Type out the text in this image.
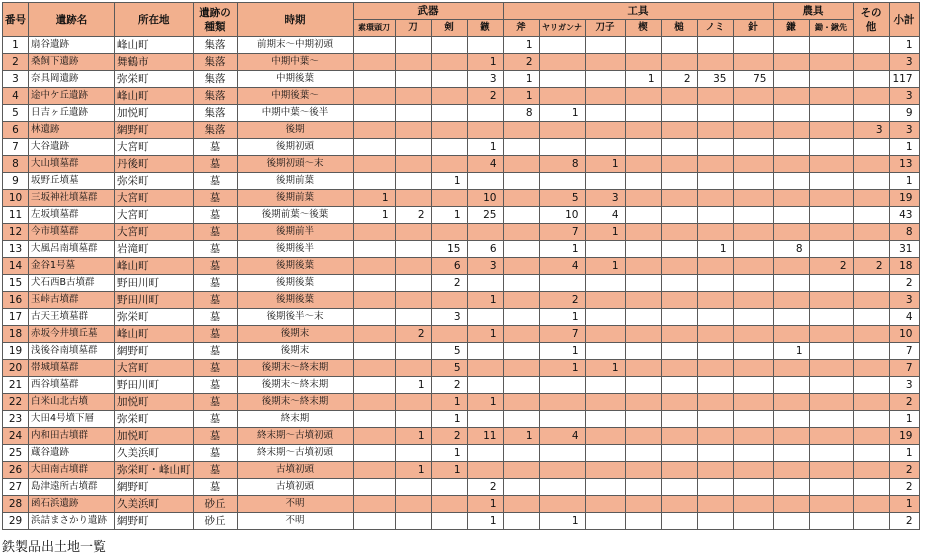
番号	遺跡名	所在地	遺跡の種類	時期	武器				工具							農具		その他	小計
					素環頭刀	刀	剣	鏃	斧	ヤリガンナ	刀子	楔	槌	ノミ	針	鎌	鋤・鍬先		
1	扇谷遺跡	峰山町	集落	前期末～中期初頭					1										1
2	桑飼下遺跡	舞鶴市	集落	中期中葉～				1	2										3
3	奈具岡遺跡	弥栄町	集落	中期後葉				3	1			1	2	35	75				117
4	途中ケ丘遺跡	峰山町	集落	中期後葉～				2	1										3
5	日吉ヶ丘遺跡	加悦町	集落	中期中葉～後半					8	1									9
6	林遺跡	網野町	集落	後期														3	3
7	大谷遺跡	大宮町	墓	後期初頭				1											1
8	大山墳墓群	丹後町	墓	後期初頭～末				4		8	1								13
9	坂野丘墳墓	弥栄町	墓	後期前葉			1												1
10	三坂神社墳墓群	大宮町	墓	後期前葉	1			10		5	3								19
11	左坂墳墓群	大宮町	墓	後期前葉～後葉	1	2	1	25		10	4								43
12	今市墳墓群	大宮町	墓	後期前半						7	1								8
13	大風呂南墳墓群	岩滝町	墓	後期後半			15	6		1				1		8			31
14	金谷1号墓	峰山町	墓	後期後葉			6	3		4	1						2	2	18
15	犬石西B古墳群	野田川町	墓	後期後葉			2												2
16	玉峠古墳群	野田川町	墓	後期後葉				1		2									3
17	古天王墳墓群	弥栄町	墓	後期後半～末			3			1									4
18	赤坂今井墳丘墓	峰山町	墓	後期末		2		1		7									10
19	浅後谷南墳墓群	網野町	墓	後期末			5			1						1			7
20	帯城墳墓群	大宮町	墓	後期末～終末期			5			1	1								7
21	西谷墳墓群	野田川町	墓	後期末～終末期		1	2												3
22	白米山北古墳	加悦町	墓	後期末～終末期			1	1											2
23	大田4号墳下層	弥栄町	墓	終末期			1												1
24	内和田古墳群	加悦町	墓	終末期～古墳初頭		1	2	11	1	4									19
25	蔵谷遺跡	久美浜町	墓	終末期～古墳初頭			1												1
26	大田南古墳群	弥栄町・峰山町	墓	古墳初頭		1	1												2
27	島津遠所古墳群	網野町	墓	古墳初頭				2											2
28	函石浜遺跡	久美浜町	砂丘	不明				1											1
29	浜詰まさかり遺跡	網野町	砂丘	不明				1		1									2
鉄製品出土地一覧
